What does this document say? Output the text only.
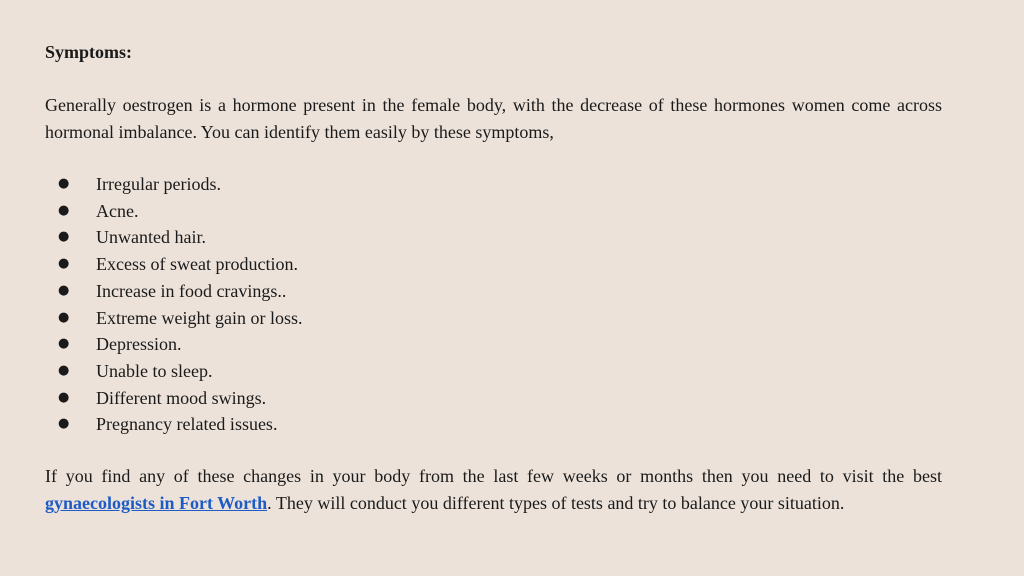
Symptoms:

Generally oestrogen is a hormone present in the female body, with the decrease of these hormones women come across hormonal imbalance. You can identify them easily by these symptoms,

● Irregular periods.
● Acne.
● Unwanted hair.
● Excess of sweat production.
● Increase in food cravings..
● Extreme weight gain or loss.
● Depression.
● Unable to sleep.
● Different mood swings.
● Pregnancy related issues.

If you find any of these changes in your body from the last few weeks or months then you need to visit the best gynaecologists in Fort Worth. They will conduct you different types of tests and try to balance your situation.
